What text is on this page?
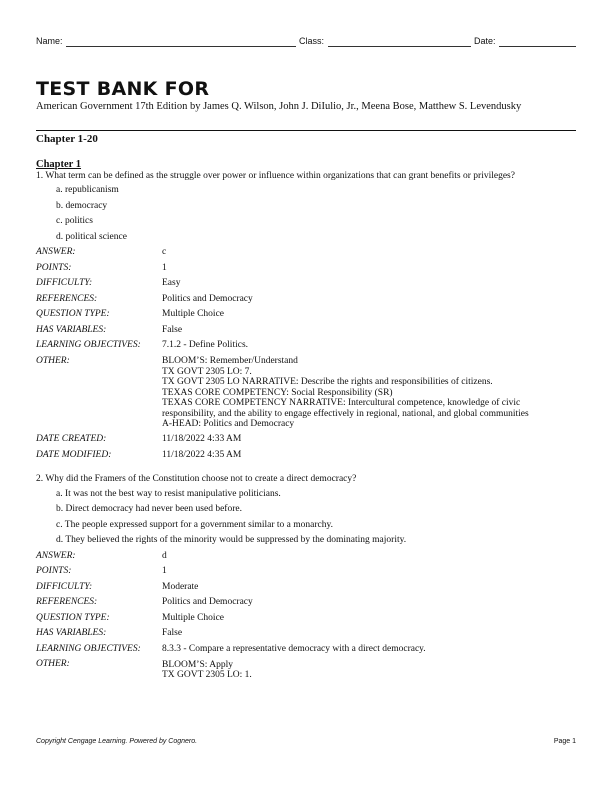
Name:	Class:	Date:
TEST BANK FOR
American Government 17th Edition by James Q. Wilson, John J. DiIulio, Jr., Meena Bose, Matthew S. Levendusky
Chapter 1-20
Chapter 1
1. What term can be defined as the struggle over power or influence within organizations that can grant benefits or privileges?
a. republicanism
b. democracy
c. politics
d. political science
ANSWER:	c
POINTS:	1
DIFFICULTY:	Easy
REFERENCES:	Politics and Democracy
QUESTION TYPE:	Multiple Choice
HAS VARIABLES:	False
LEARNING OBJECTIVES:	7.1.2 - Define Politics.
OTHER:	BLOOM’S: Remember/Understand
TX GOVT 2305 LO: 7.
TX GOVT 2305 LO NARRATIVE: Describe the rights and responsibilities of citizens.
TEXAS CORE COMPETENCY: Social Responsibility (SR)
TEXAS CORE COMPETENCY NARRATIVE: Intercultural competence, knowledge of civic responsibility, and the ability to engage effectively in regional, national, and global communities
A-HEAD: Politics and Democracy
DATE CREATED:	11/18/2022 4:33 AM
DATE MODIFIED:	11/18/2022 4:35 AM
2. Why did the Framers of the Constitution choose not to create a direct democracy?
a. It was not the best way to resist manipulative politicians.
b. Direct democracy had never been used before.
c. The people expressed support for a government similar to a monarchy.
d. They believed the rights of the minority would be suppressed by the dominating majority.
ANSWER:	d
POINTS:	1
DIFFICULTY:	Moderate
REFERENCES:	Politics and Democracy
QUESTION TYPE:	Multiple Choice
HAS VARIABLES:	False
LEARNING OBJECTIVES:	8.3.3 - Compare a representative democracy with a direct democracy.
OTHER:	BLOOM’S: Apply
TX GOVT 2305 LO: 1.
Copyright Cengage Learning. Powered by Cognero.	Page 1
